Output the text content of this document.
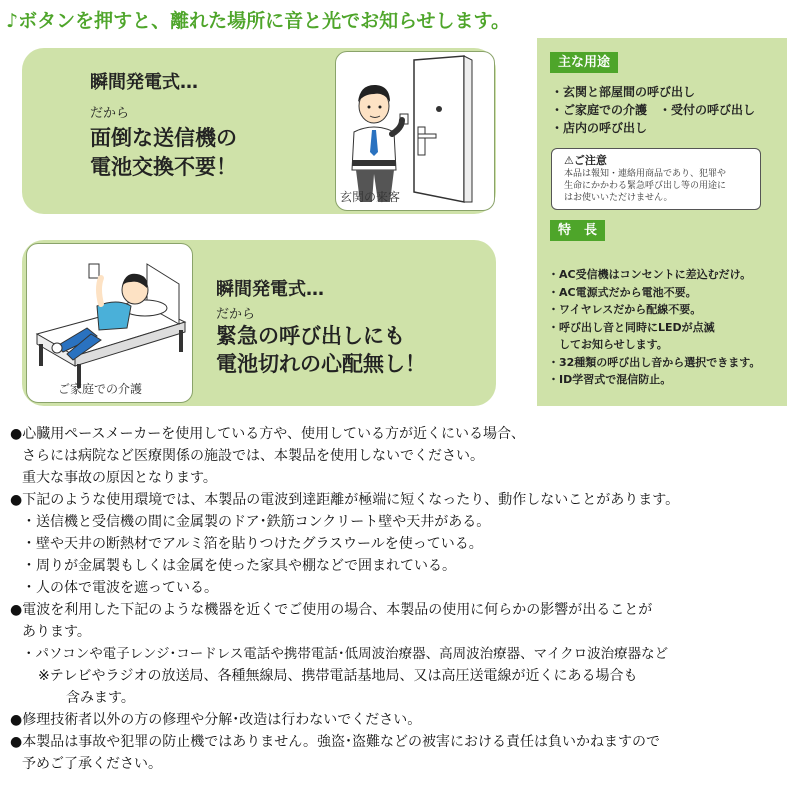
♪ボタンを押すと、離れた場所に音と光でお知らせします。
瞬間発電式…
だから
面倒な送信機の
電池交換不要！
玄関の来客
ご家庭での介護
瞬間発電式…
だから
緊急の呼び出しにも
電池切れの心配無し！
主な用途
・玄関と部屋間の呼び出し
・ご家庭での介護　・受付の呼び出し
・店内の呼び出し
⚠ご注意
本品は報知・連絡用商品であり、犯罪や
生命にかかわる緊急呼び出し等の用途に
はお使いいただけません。
特　長
・AC受信機はコンセントに差込むだけ。
・AC電源式だから電池不要。
・ワイヤレスだから配線不要。
・呼び出し音と同時にLEDが点滅
　してお知らせします。
・32種類の呼び出し音から選択できます。
・ID学習式で混信防止。
●心臓用ペースメーカーを使用している方や、使用している方が近くにいる場合、
さらには病院など医療関係の施設では、本製品を使用しないでください。
重大な事故の原因となります。
●下記のような使用環境では、本製品の電波到達距離が極端に短くなったり、動作しないことがあります。
・送信機と受信機の間に金属製のドア･鉄筋コンクリート壁や天井がある。
・壁や天井の断熱材でアルミ箔を貼りつけたグラスウールを使っている。
・周りが金属製もしくは金属を使った家具や棚などで囲まれている。
・人の体で電波を遮っている。
●電波を利用した下記のような機器を近くでご使用の場合、本製品の使用に何らかの影響が出ることが
あります。
・パソコンや電子レンジ･コードレス電話や携帯電話･低周波治療器、高周波治療器、マイクロ波治療器など
※テレビやラジオの放送局、各種無線局、携帯電話基地局、又は高圧送電線が近くにある場合も
含みます。
●修理技術者以外の方の修理や分解･改造は行わないでください。
●本製品は事故や犯罪の防止機ではありません。強盗･盗難などの被害における責任は負いかねますので
予めご了承ください。
